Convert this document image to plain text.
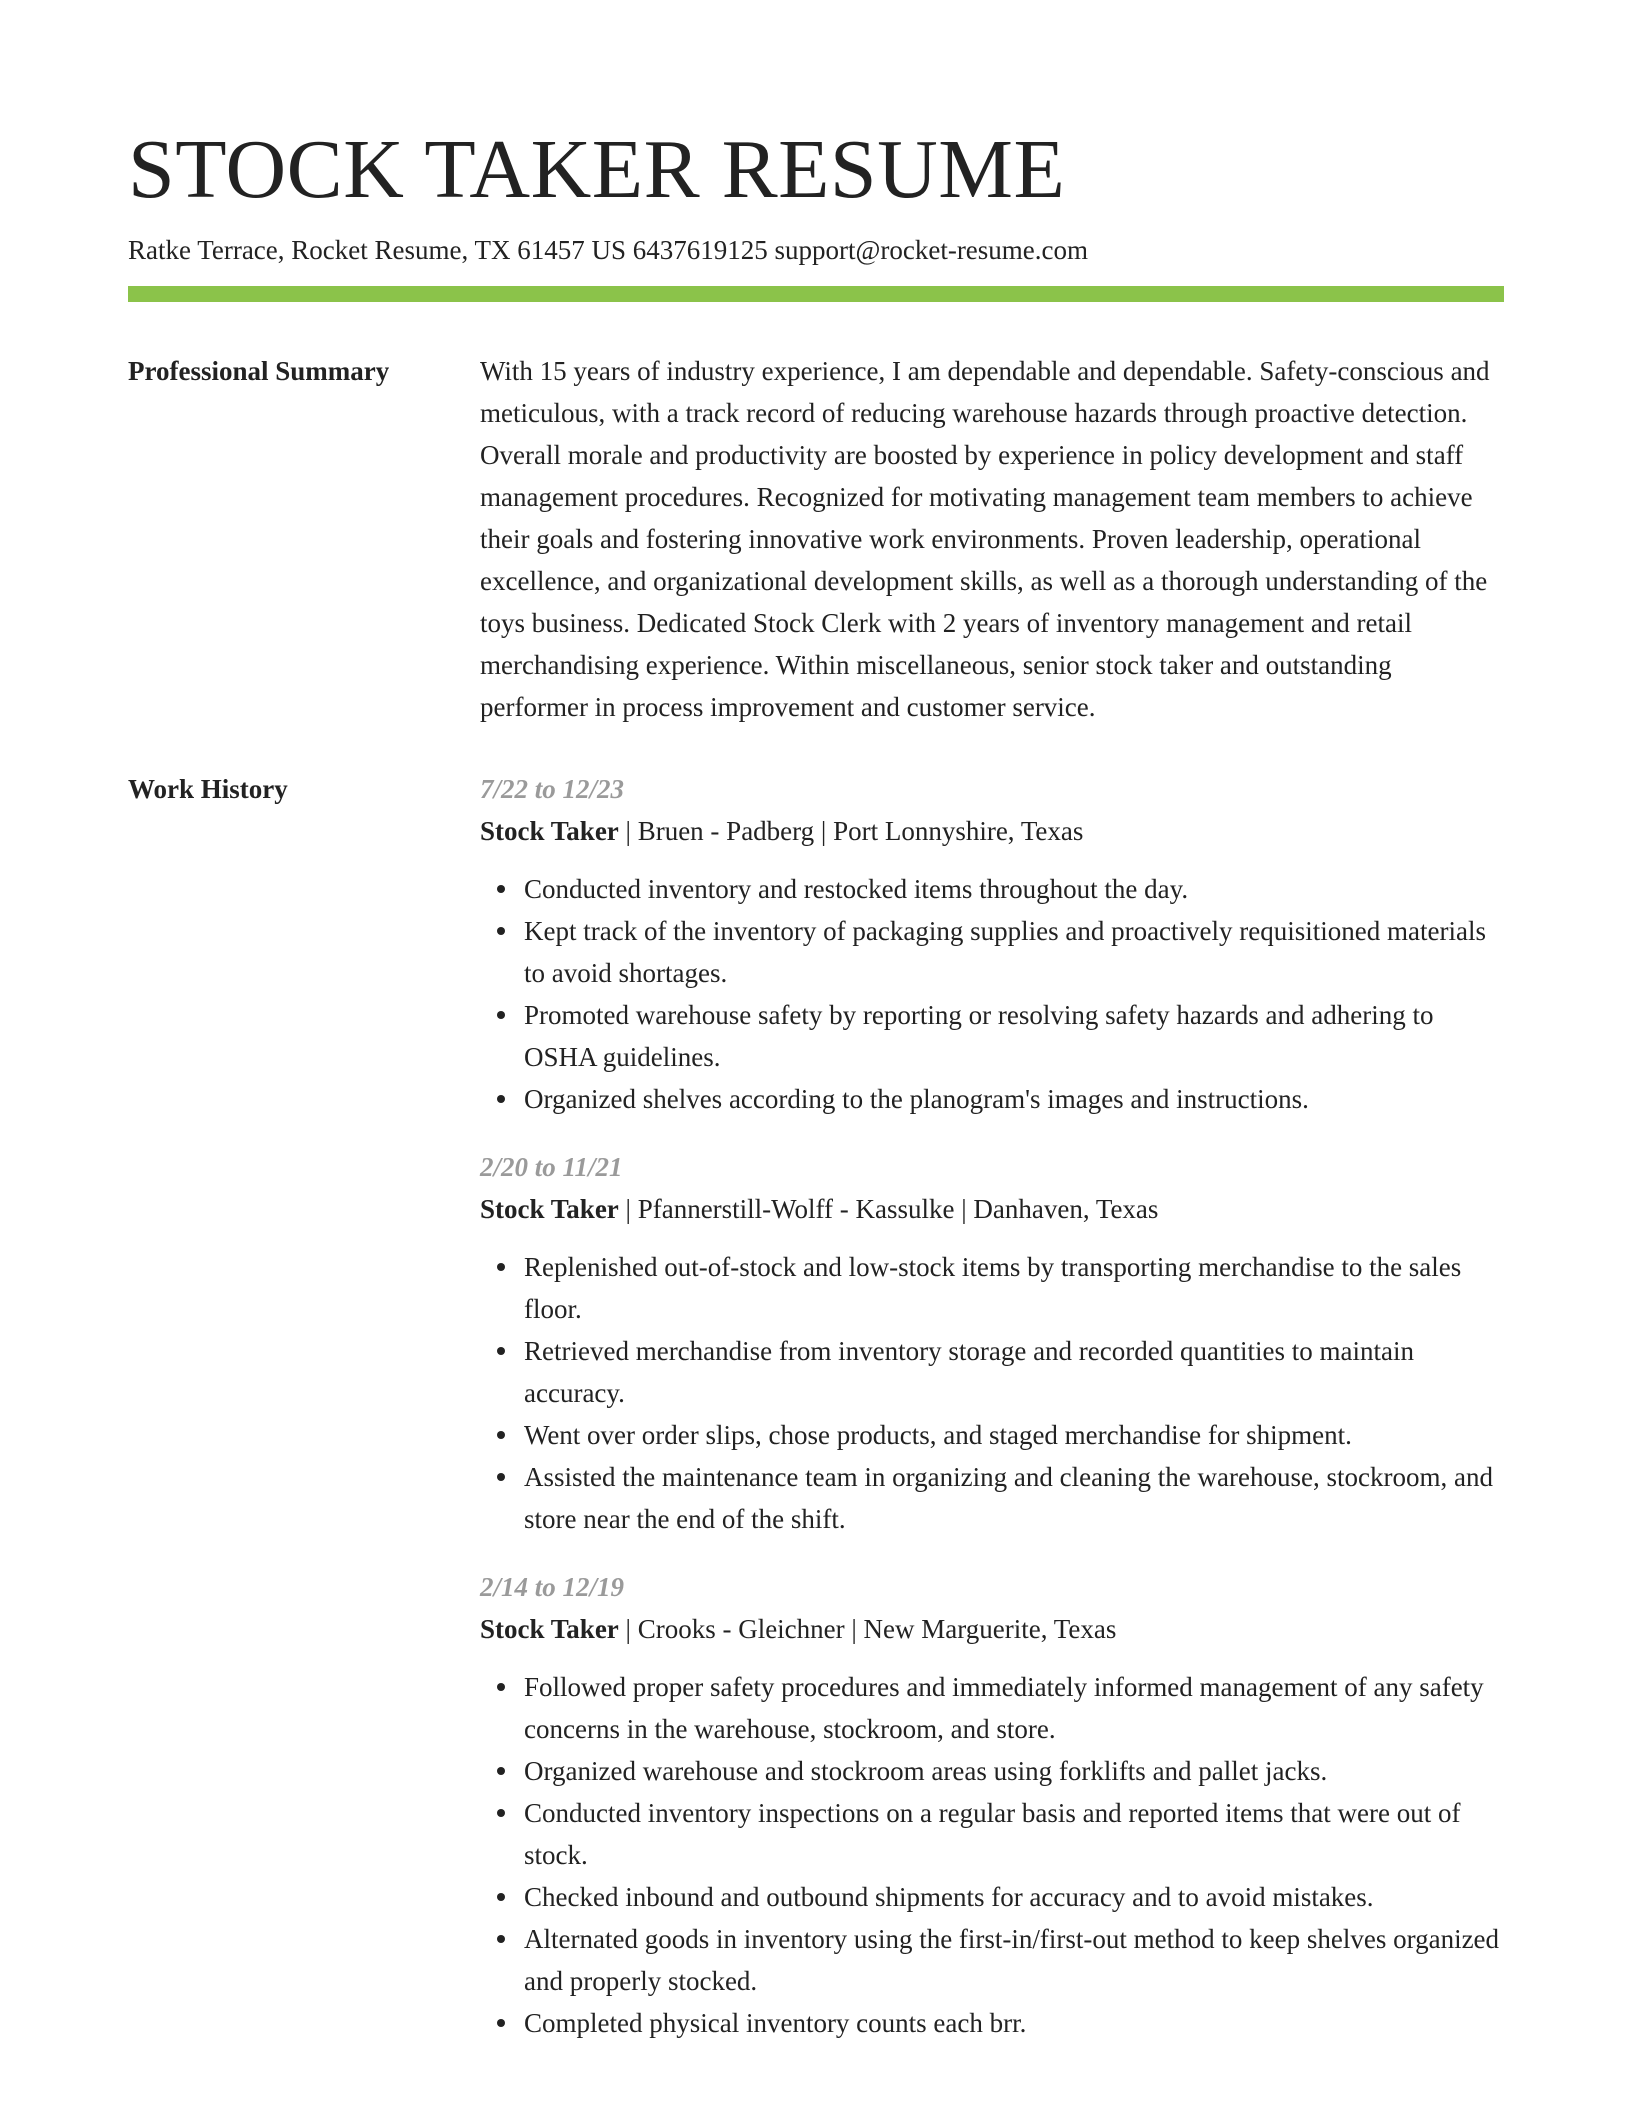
STOCK TAKER RESUME
Ratke Terrace, Rocket Resume, TX 61457 US 6437619125 support@rocket-resume.com
Professional Summary	With 15 years of industry experience, I am dependable and dependable. Safety-conscious and meticulous, with a track record of reducing warehouse hazards through proactive detection. Overall morale and productivity are boosted by experience in policy development and staff management procedures. Recognized for motivating management team members to achieve their goals and fostering innovative work environments. Proven leadership, operational excellence, and organizational development skills, as well as a thorough understanding of the toys business. Dedicated Stock Clerk with 2 years of inventory management and retail merchandising experience. Within miscellaneous, senior stock taker and outstanding performer in process improvement and customer service.
Work History	7/22 to 12/23
Stock Taker | Bruen - Padberg | Port Lonnyshire, Texas
Conducted inventory and restocked items throughout the day.
Kept track of the inventory of packaging supplies and proactively requisitioned materials to avoid shortages.
Promoted warehouse safety by reporting or resolving safety hazards and adhering to OSHA guidelines.
Organized shelves according to the planogram's images and instructions.
2/20 to 11/21
Stock Taker | Pfannerstill-Wolff - Kassulke | Danhaven, Texas
Replenished out-of-stock and low-stock items by transporting merchandise to the sales floor.
Retrieved merchandise from inventory storage and recorded quantities to maintain accuracy.
Went over order slips, chose products, and staged merchandise for shipment.
Assisted the maintenance team in organizing and cleaning the warehouse, stockroom, and store near the end of the shift.
2/14 to 12/19
Stock Taker | Crooks - Gleichner | New Marguerite, Texas
Followed proper safety procedures and immediately informed management of any safety concerns in the warehouse, stockroom, and store.
Organized warehouse and stockroom areas using forklifts and pallet jacks.
Conducted inventory inspections on a regular basis and reported items that were out of stock.
Checked inbound and outbound shipments for accuracy and to avoid mistakes.
Alternated goods in inventory using the first-in/first-out method to keep shelves organized and properly stocked.
Completed physical inventory counts each brr.
